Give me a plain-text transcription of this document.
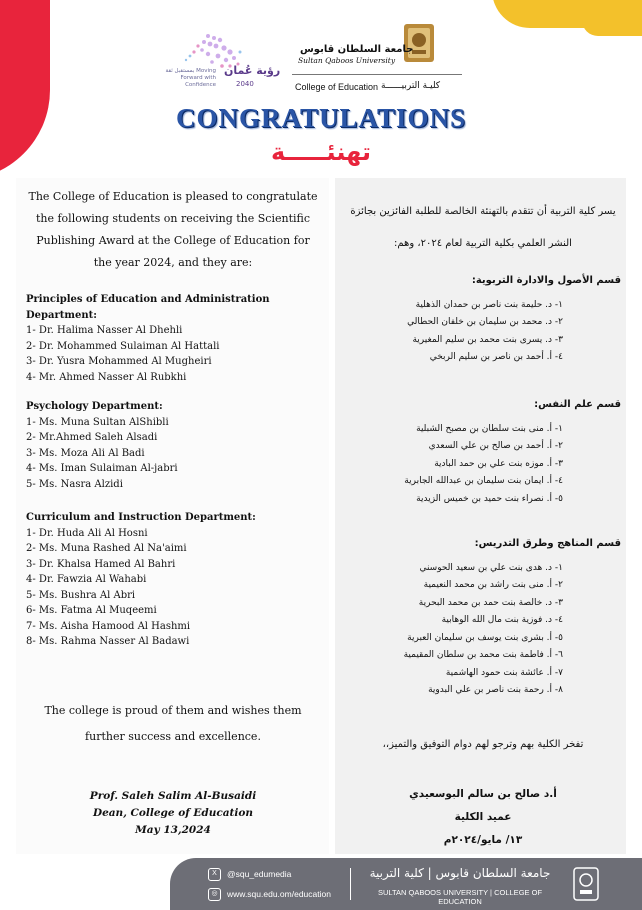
بمستقبل ثقة Moving Forward with Confidence
رؤية عُمان
2040
جامعة السلطان قابوس
Sultan Qaboos University
College of Education كليـة التربيــــــة
CONGRATULATIONS
تهنئـــــة
The College of Education is pleased to congratulate the following students on receiving the Scientific Publishing Award at the College of Education for the year 2024, and they are:
Principles of Education and Administration Department:
1- Dr. Halima Nasser Al Dhehli
2- Dr. Mohammed Sulaiman Al Hattali
3- Dr. Yusra Mohammed Al Mugheiri
4- Mr. Ahmed Nasser Al Rubkhi
Psychology Department:
1- Ms. Muna Sultan AlShibli
2- Mr.Ahmed Saleh Alsadi
3- Ms. Moza Ali Al Badi
4- Ms. Iman Sulaiman Al-jabri
5- Ms. Nasra Alzidi
Curriculum and Instruction Department:
1- Dr. Huda Ali Al Hosni
2- Ms. Muna Rashed Al Na'aimi
3- Dr. Khalsa Hamed Al Bahri
4- Dr. Fawzia Al Wahabi
5- Ms. Bushra Al Abri
6- Ms. Fatma Al Muqeemi
7- Ms. Aisha Hamood Al Hashmi
8- Ms. Rahma Nasser Al Badawi
The college is proud of them and wishes them further success and excellence.
Prof. Saleh Salim Al-Busaidi
Dean, College of Education
May 13,2024
يسر كلية التربية أن تتقدم بالتهنئة الخالصة للطلبة الفائزين بجائزة النشر العلمي بكلية التربية لعام ٢٠٢٤، وهم:
قسم الأصول والادارة التربوية:
١- د. حليمة بنت ناصر بن حمدان الذهلية
٢- د. محمد بن سليمان بن خلفان الحطالي
٣- د. يسرى بنت محمد بن سليم المغيرية
٤- أ. أحمد بن ناصر بن سليم الربخي
قسم علم النفس:
١- أ. منى بنت سلطان بن مصبح الشبلية
٢- أ. أحمد بن صالح بن علي السعدي
٣- أ. موزه بنت علي بن حمد البادية
٤- أ. ايمان بنت سليمان بن عبدالله الجابرية
٥- أ. نصراء بنت حميد بن خميس الزيدية
قسم المناهج وطرق التدريس:
١- د. هدى بنت علي بن سعيد الحوسني
٢- أ. منى بنت راشد بن محمد النعيمية
٣- د. خالصة بنت حمد بن محمد البحرية
٤- د. فوزية بنت مال الله الوهابية
٥- أ. بشرى بنت يوسف بن سليمان العبرية
٦- أ. فاطمة بنت محمد بن سلطان المقيمية
٧- أ. عائشة بنت حمود الهاشمية
٨- أ. رحمة بنت ناصر بن علي البدوية
تفخر الكلية بهم وترجو لهم دوام التوفيق والتميز،،
أ.د صالح بن سالم البوسعيدي
عميد الكلية
١٣/ مايو/٢٠٢٤م
X @squ_edumedia
◎ www.squ.edu.om/education
جامعة السلطان قابوس | كلية التربية
SULTAN QABOOS UNIVERSITY | COLLEGE OF EDUCATION
